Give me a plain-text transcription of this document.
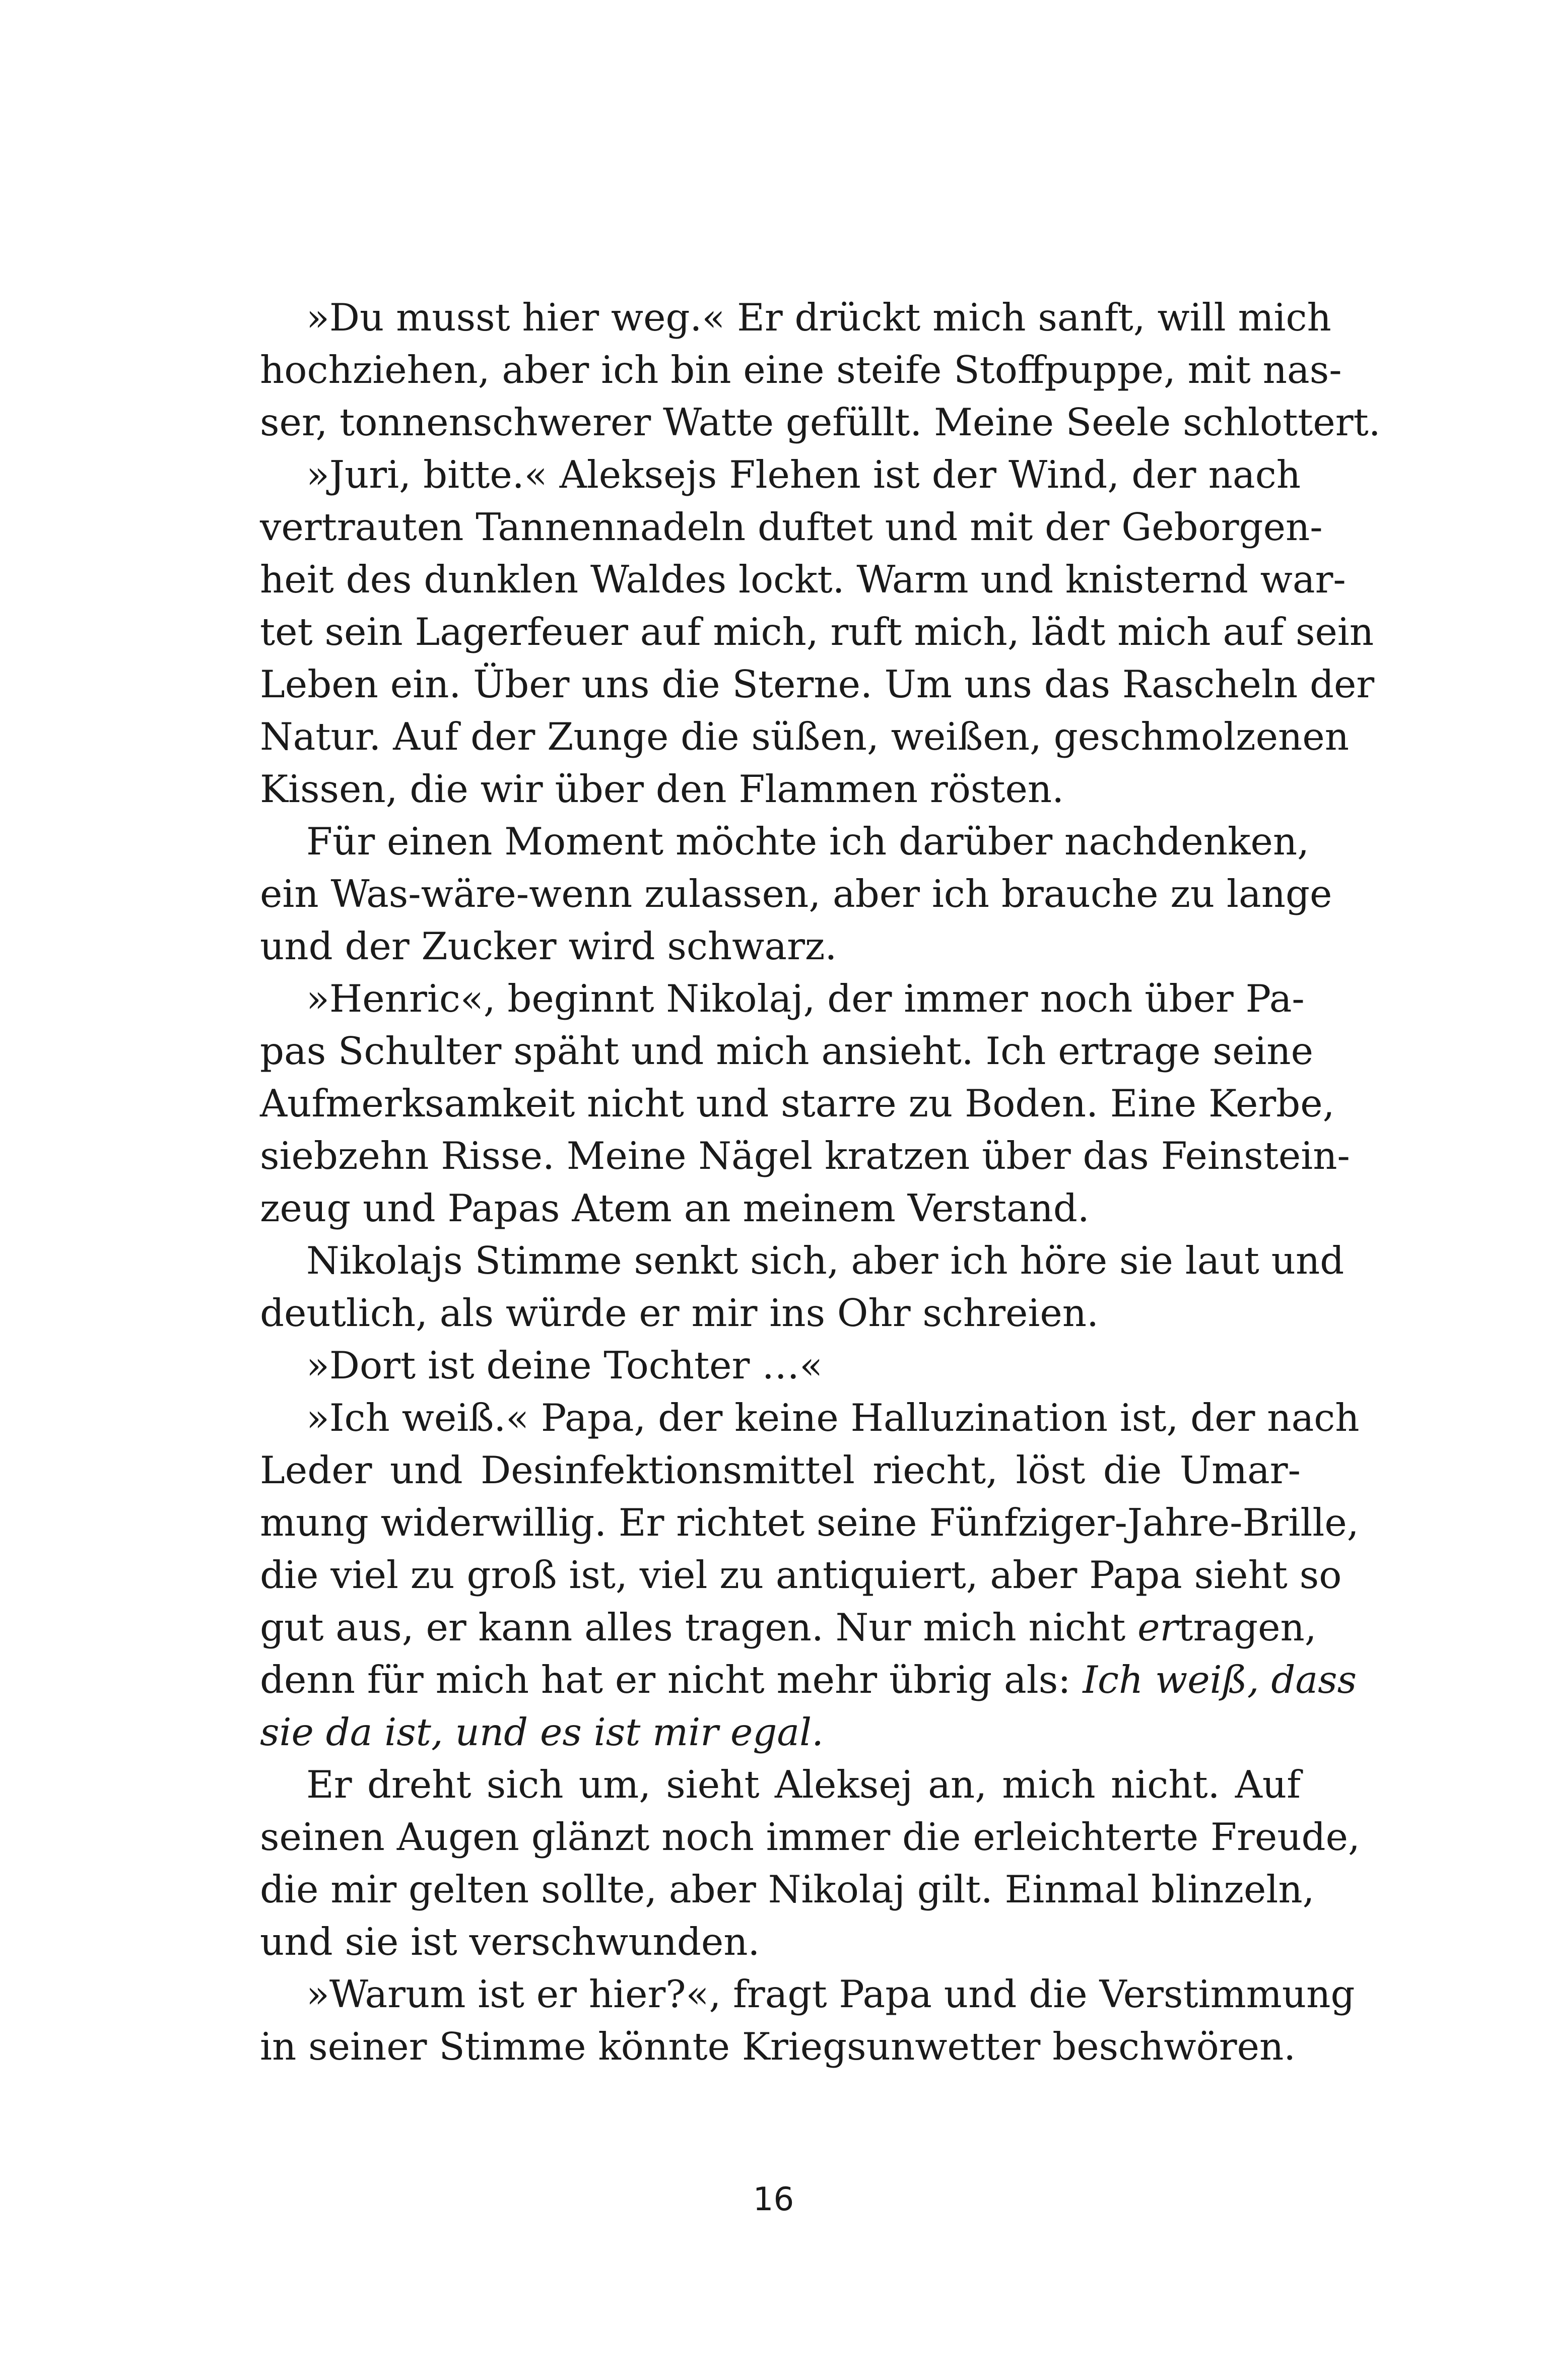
»Du musst hier weg.« Er drückt mich sanft, will mich
hochziehen, aber ich bin eine steife Stoffpuppe, mit nas-
ser, tonnenschwerer Watte gefüllt. Meine Seele schlottert.
»Juri, bitte.« Aleksejs Flehen ist der Wind, der nach
vertrauten Tannennadeln duftet und mit der Geborgen-
heit des dunklen Waldes lockt. Warm und knisternd war-
tet sein Lagerfeuer auf mich, ruft mich, lädt mich auf sein
Leben ein. Über uns die Sterne. Um uns das Rascheln der
Natur. Auf der Zunge die süßen, weißen, geschmolzenen
Kissen, die wir über den Flammen rösten.
Für einen Moment möchte ich darüber nachdenken,
ein Was-wäre-wenn zulassen, aber ich brauche zu lange
und der Zucker wird schwarz.
»Henric«, beginnt Nikolaj, der immer noch über Pa-
pas Schulter späht und mich ansieht. Ich ertrage seine
Aufmerksamkeit nicht und starre zu Boden. Eine Kerbe,
siebzehn Risse. Meine Nägel kratzen über das Feinstein-
zeug und Papas Atem an meinem Verstand.
Nikolajs Stimme senkt sich, aber ich höre sie laut und
deutlich, als würde er mir ins Ohr schreien.
»Dort ist deine Tochter …«
»Ich weiß.« Papa, der keine Halluzination ist, der nach
Leder und Desinfektionsmittel riecht, löst die Umar-
mung widerwillig. Er richtet seine Fünfziger-Jahre-Brille,
die viel zu groß ist, viel zu antiquiert, aber Papa sieht so
gut aus, er kann alles tragen. Nur mich nicht ertragen,
denn für mich hat er nicht mehr übrig als: Ich weiß, dass
sie da ist, und es ist mir egal.
Er dreht sich um, sieht Aleksej an, mich nicht. Auf
seinen Augen glänzt noch immer die erleichterte Freude,
die mir gelten sollte, aber Nikolaj gilt. Einmal blinzeln,
und sie ist verschwunden.
»Warum ist er hier?«, fragt Papa und die Verstimmung
in seiner Stimme könnte Kriegsunwetter beschwören.
16
